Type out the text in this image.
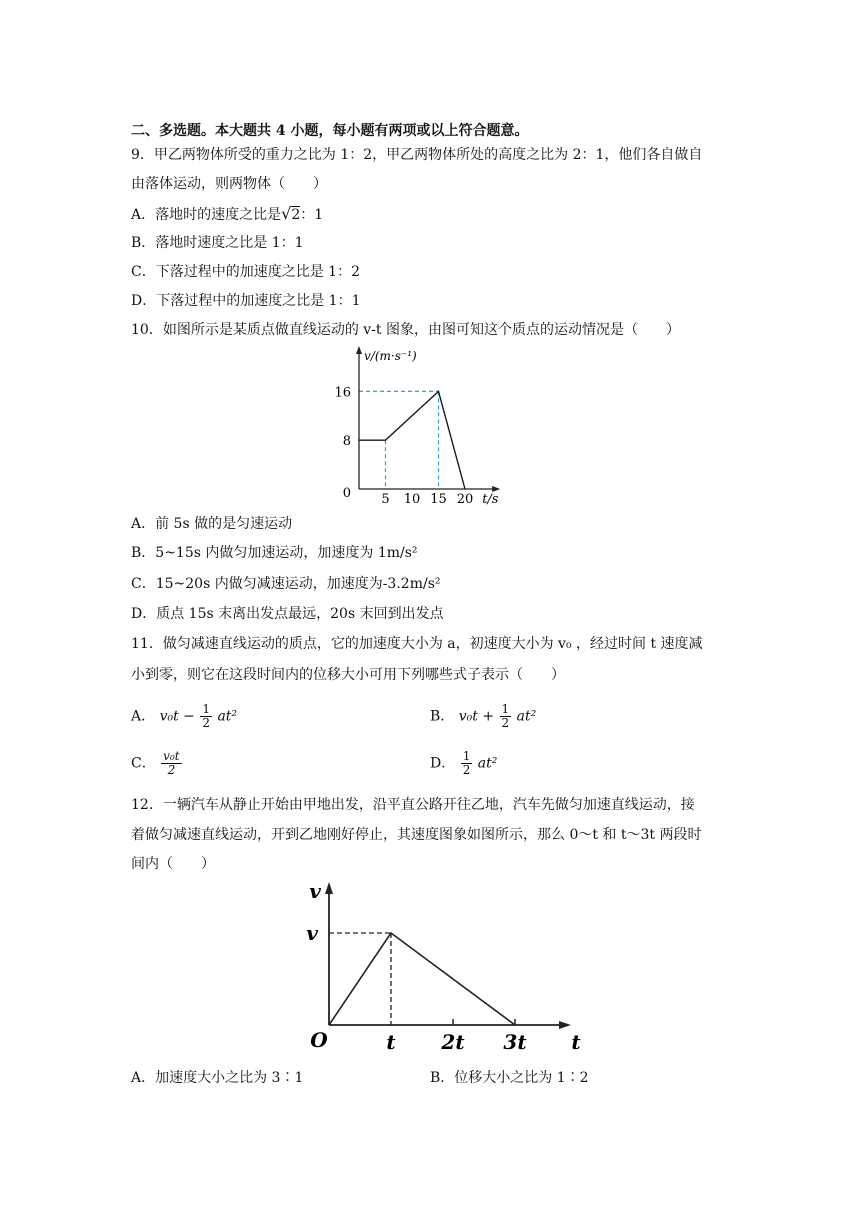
二、多选题。本大题共 4 小题，每小题有两项或以上符合题意。
9．甲乙两物体所受的重力之比为 1：2，甲乙两物体所处的高度之比为 2：1，他们各自做自
由落体运动，则两物体（　　）
A．落地时的速度之比是√2：1
B．落地时速度之比是 1：1
C．下落过程中的加速度之比是 1：2
D．下落过程中的加速度之比是 1：1
10．如图所示是某质点做直线运动的 v-t 图象，由图可知这个质点的运动情况是（　　）
5 10 15 20
16
8
0
v/(m·s⁻¹)
t/s
A．前 5s 做的是匀速运动
B．5~15s 内做匀加速运动，加速度为 1m/s²
C．15~20s 内做匀减速运动，加速度为-3.2m/s²
D．质点 15s 末离出发点最远，20s 末回到出发点
11．做匀减速直线运动的质点，它的加速度大小为 a，初速度大小为 v₀ ，经过时间 t 速度减
小到零，则它在这段时间内的位移大小可用下列哪些式子表示（　　）
A． $v_0t - \frac{1}{2} at^2$	B． $v_0t + \frac{1}{2} at^2$
C． $\frac{\text{v₀t}}{2}$	D． $\frac{1}{2} at^2$
12．一辆汽车从静止开始由甲地出发，沿平直公路开往乙地，汽车先做匀加速直线运动，接
着做匀减速直线运动，开到乙地刚好停止，其速度图象如图所示，那么 0～t 和 t～3t 两段时
间内（　　）
O	t 2t 3t
v
v
t
A．加速度大小之比为 3∶1	B．位移大小之比为 1∶2
